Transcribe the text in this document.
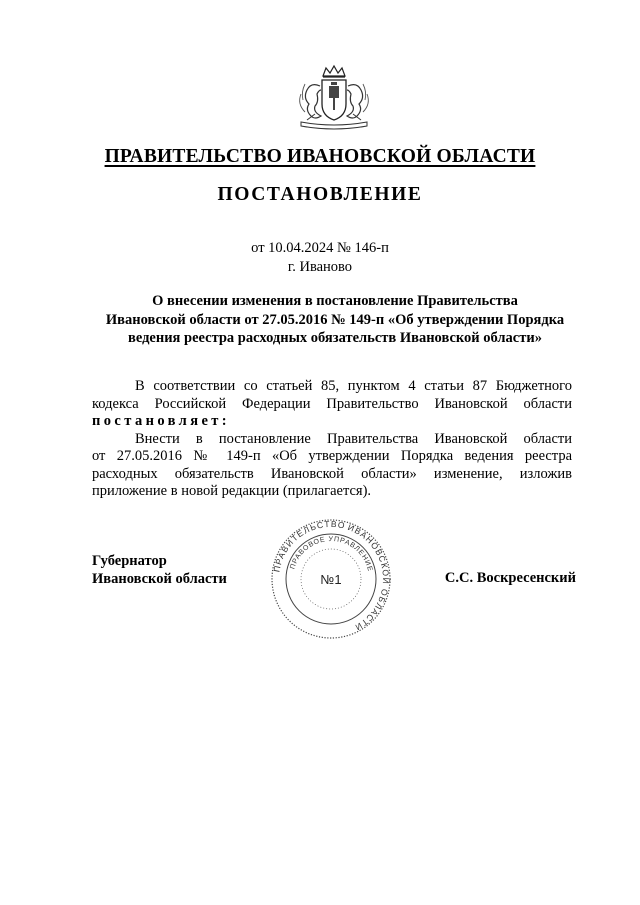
ПРАВИТЕЛЬСТВО ИВАНОВСКОЙ ОБЛАСТИ
ПОСТАНОВЛЕНИЕ
от 10.04.2024 № 146-п
г. Иваново
О внесении изменения в постановление Правительства
Ивановской области от 27.05.2016 № 149-п «Об утверждении Порядка
ведения реестра расходных обязательств Ивановской области»
В соответствии со статьей 85, пунктом 4 статьи 87 Бюджетного
кодекса Российской Федерации Правительство Ивановской области
постановляет:
Внести в постановление Правительства Ивановской области
от 27.05.2016 № 149-п «Об утверждении Порядка ведения реестра
расходных обязательств Ивановской области» изменение, изложив
приложение в новой редакции (прилагается).
Губернатор
Ивановской области
ПРАВИТЕЛЬСТВО ИВАНОВСКОЙ ОБЛАСТИ
ПРАВОВОЕ УПРАВЛЕНИЕ
№1	С.С. Воскресенский
